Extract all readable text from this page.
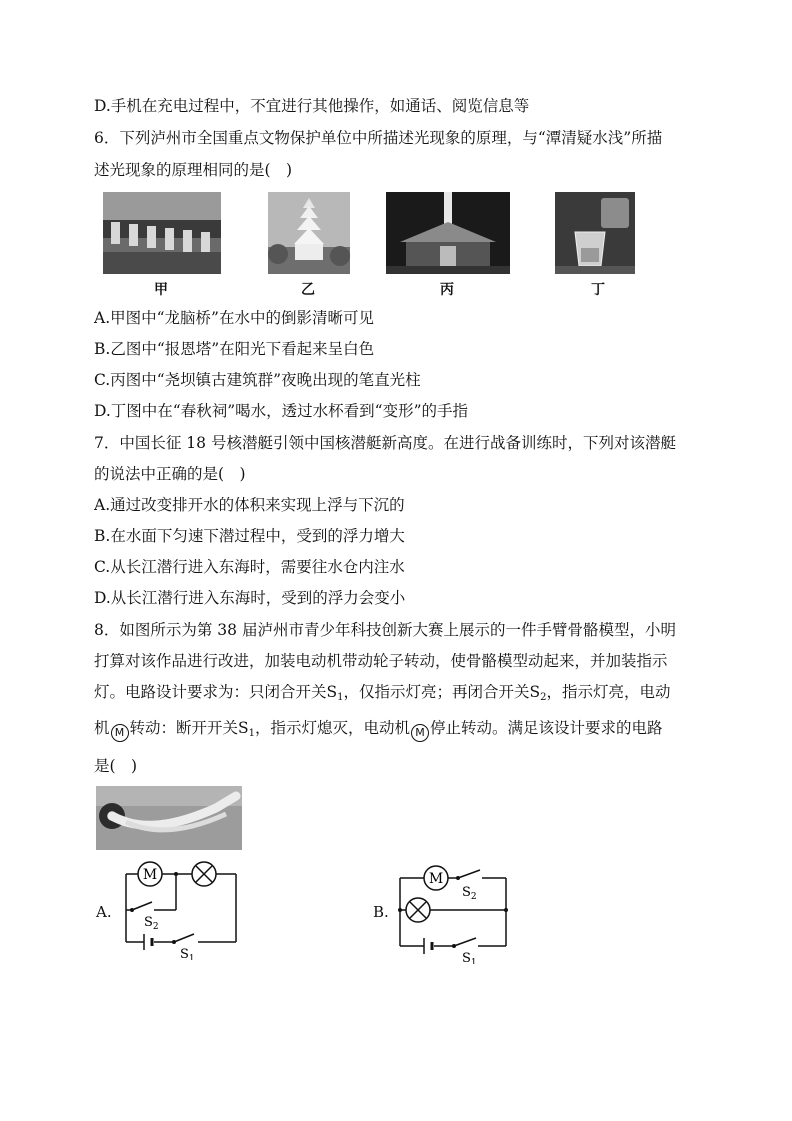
D.手机在充电过程中，不宜进行其他操作，如通话、阅览信息等
6．下列泸州市全国重点文物保护单位中所描述光现象的原理，与“潭清疑水浅”所描
述光现象的原理相同的是(　)
甲	乙	丙	丁
A.甲图中“龙脑桥”在水中的倒影清晰可见
B.乙图中“报恩塔”在阳光下看起来呈白色
C.丙图中“尧坝镇古建筑群”夜晚出现的笔直光柱
D.丁图中在“春秋祠”喝水，透过水杯看到“变形”的手指
7．中国长征 18 号核潜艇引领中国核潜艇新高度。在进行战备训练时，下列对该潜艇
的说法中正确的是(　)
A.通过改变排开水的体积来实现上浮与下沉的
B.在水面下匀速下潜过程中，受到的浮力增大
C.从长江潜行进入东海时，需要往水仓内注水
D.从长江潜行进入东海时，受到的浮力会变小
8．如图所示为第 38 届泸州市青少年科技创新大赛上展示的一件手臂骨骼模型，小明
打算对该作品进行改进，加装电动机带动轮子转动，使骨骼模型动起来，并加装指示
灯。电路设计要求为：只闭合开关S1，仅指示灯亮；再闭合开关S2，指示灯亮，电动
机 M 转动：断开开关S1，指示灯熄灭，电动机 M 停止转动。满足该设计要求的电路
是(　)
A.
M
$S_2$
$S_1$
B.
M
$S_2$
$S_1$
